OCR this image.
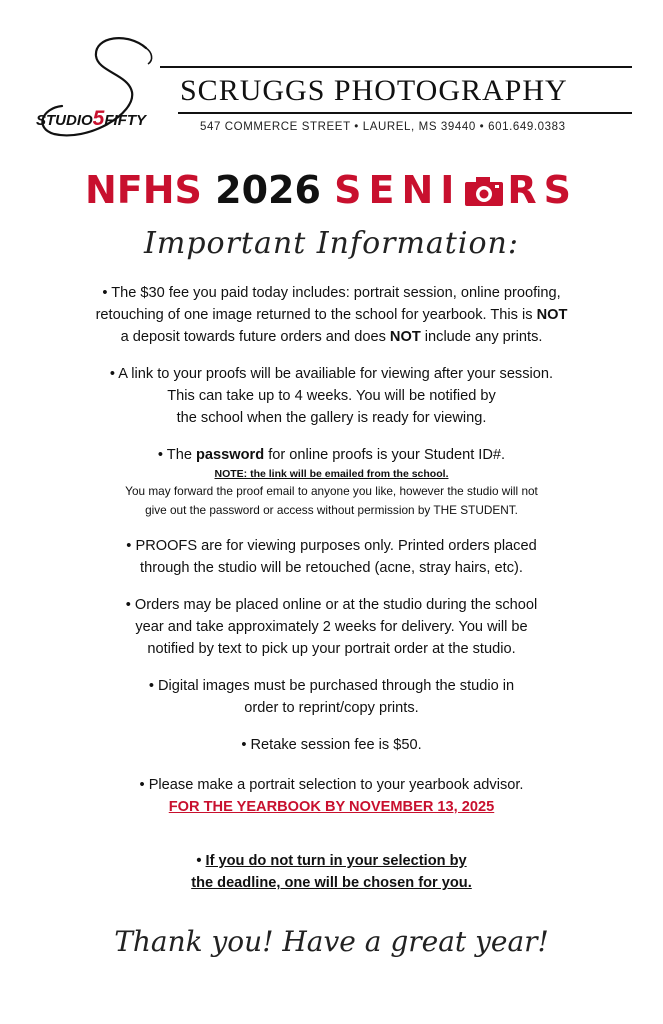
STUDIO5FIFTY
SCRUGGS PHOTOGRAPHY
547 COMMERCE STREET • LAUREL, MS 39440 • 601.649.0383
NFHS 2026 SENI RS
Important Information:
• The $30 fee you paid today includes: portrait session, online proofing,
retouching of one image returned to the school for yearbook. This is NOT
a deposit towards future orders and does NOT include any prints.
• A link to your proofs will be availiable for viewing after your session.
This can take up to 4 weeks. You will be notified by
the school when the gallery is ready for viewing.
• The password for online proofs is your Student ID#.
NOTE: the link will be emailed from the school.
You may forward the proof email to anyone you like, however the studio will not
give out the password or access without permission by THE STUDENT.
• PROOFS are for viewing purposes only. Printed orders placed
through the studio will be retouched (acne, stray hairs, etc).
• Orders may be placed online or at the studio during the school
year and take approximately 2 weeks for delivery. You will be
notified by text to pick up your portrait order at the studio.
• Digital images must be purchased through the studio in
order to reprint/copy prints.
• Retake session fee is $50.
• Please make a portrait selection to your yearbook advisor.
FOR THE YEARBOOK BY NOVEMBER 13, 2025
• If you do not turn in your selection by
the deadline, one will be chosen for you.
Thank you! Have a great year!
